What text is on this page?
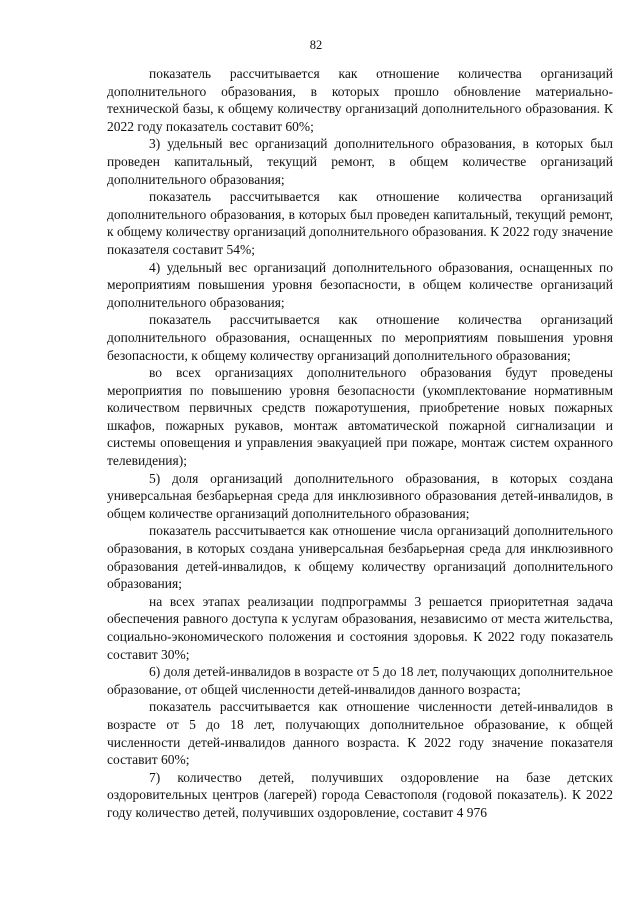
82

показатель рассчитывается как отношение количества организаций дополнительного образования, в которых прошло обновление материально-технической базы, к общему количеству организаций дополнительного образования. К 2022 году показатель составит 60%;

3) удельный вес организаций дополнительного образования, в которых был проведен капитальный, текущий ремонт, в общем количестве организаций дополнительного образования;

показатель рассчитывается как отношение количества организаций дополнительного образования, в которых был проведен капитальный, текущий ремонт, к общему количеству организаций дополнительного образования. К 2022 году значение показателя составит 54%;

4) удельный вес организаций дополнительного образования, оснащенных по мероприятиям повышения уровня безопасности, в общем количестве организаций дополнительного образования;

показатель рассчитывается как отношение количества организаций дополнительного образования, оснащенных по мероприятиям повышения уровня безопасности, к общему количеству организаций дополнительного образования;

во всех организациях дополнительного образования будут проведены мероприятия по повышению уровня безопасности (укомплектование нормативным количеством первичных средств пожаротушения, приобретение новых пожарных шкафов, пожарных рукавов, монтаж автоматической пожарной сигнализации и системы оповещения и управления эвакуацией при пожаре, монтаж систем охранного телевидения);

5) доля организаций дополнительного образования, в которых создана универсальная безбарьерная среда для инклюзивного образования детей-инвалидов, в общем количестве организаций дополнительного образования;

показатель рассчитывается как отношение числа организаций дополнительного образования, в которых создана универсальная безбарьерная среда для инклюзивного образования детей-инвалидов, к общему количеству организаций дополнительного образования;

на всех этапах реализации подпрограммы 3 решается приоритетная задача обеспечения равного доступа к услугам образования, независимо от места жительства, социально-экономического положения и состояния здоровья. К 2022 году показатель составит 30%;

6) доля детей-инвалидов в возрасте от 5 до 18 лет, получающих дополнительное образование, от общей численности детей-инвалидов данного возраста;

показатель рассчитывается как отношение численности детей-инвалидов в возрасте от 5 до 18 лет, получающих дополнительное образование, к общей численности детей-инвалидов данного возраста. К 2022 году значение показателя составит 60%;

7) количество детей, получивших оздоровление на базе детских оздоровительных центров (лагерей) города Севастополя (годовой показатель). К 2022 году количество детей, получивших оздоровление, составит 4 976
